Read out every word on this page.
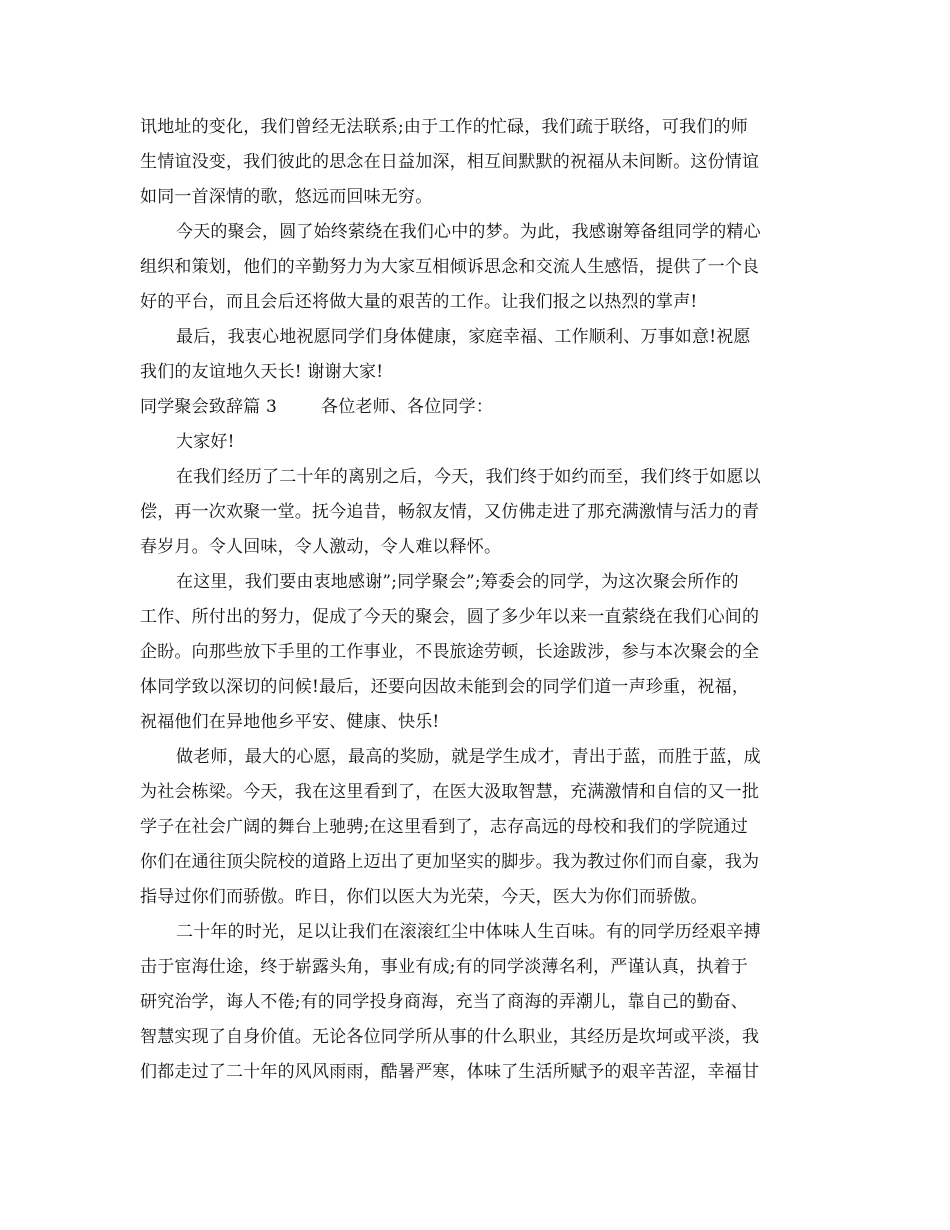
讯地址的变化，我们曾经无法联系;由于工作的忙碌，我们疏于联络，可我们的师
生情谊没变，我们彼此的思念在日益加深，相互间默默的祝福从未间断。这份情谊
如同一首深情的歌，悠远而回味无穷。
今天的聚会，圆了始终萦绕在我们心中的梦。为此，我感谢筹备组同学的精心
组织和策划，他们的辛勤努力为大家互相倾诉思念和交流人生感悟，提供了一个良
好的平台，而且会后还将做大量的艰苦的工作。让我们报之以热烈的掌声!
最后，我衷心地祝愿同学们身体健康，家庭幸福、工作顺利、万事如意!祝愿
我们的友谊地久天长! 谢谢大家!
同学聚会致辞篇 3	各位老师、各位同学：
大家好!
在我们经历了二十年的离别之后，今天，我们终于如约而至，我们终于如愿以
偿，再一次欢聚一堂。抚今追昔，畅叙友情，又仿佛走进了那充满激情与活力的青
春岁月。令人回味，令人激动，令人难以释怀。
在这里，我们要由衷地感谢”;同学聚会”;筹委会的同学，为这次聚会所作的
工作、所付出的努力，促成了今天的聚会，圆了多少年以来一直萦绕在我们心间的
企盼。向那些放下手里的工作事业，不畏旅途劳顿，长途跋涉，参与本次聚会的全
体同学致以深切的问候!最后，还要向因故未能到会的同学们道一声珍重，祝福，
祝福他们在异地他乡平安、健康、快乐!
做老师，最大的心愿，最高的奖励，就是学生成才，青出于蓝，而胜于蓝，成
为社会栋梁。今天，我在这里看到了，在医大汲取智慧，充满激情和自信的又一批
学子在社会广阔的舞台上驰骋;在这里看到了，志存高远的母校和我们的学院通过
你们在通往顶尖院校的道路上迈出了更加坚实的脚步。我为教过你们而自豪，我为
指导过你们而骄傲。昨日，你们以医大为光荣，今天，医大为你们而骄傲。
二十年的时光，足以让我们在滚滚红尘中体味人生百味。有的同学历经艰辛搏
击于宦海仕途，终于崭露头角，事业有成;有的同学淡薄名利，严谨认真，执着于
研究治学，诲人不倦;有的同学投身商海，充当了商海的弄潮儿，靠自己的勤奋、
智慧实现了自身价值。无论各位同学所从事的什么职业，其经历是坎坷或平淡，我
们都走过了二十年的风风雨雨，酷暑严寒，体味了生活所赋予的艰辛苦涩，幸福甘
